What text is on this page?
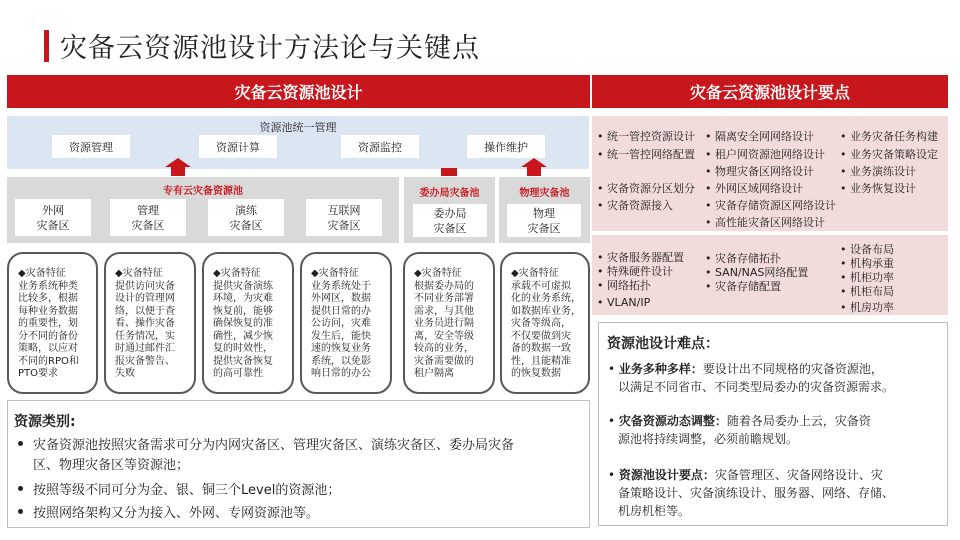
灾备云资源池设计方法论与关键点
灾备云资源池设计	灾备云资源池设计要点
资源池统一管理
资源管理	资源计算	资源监控	操作维护
专有云灾备资源池	委办局灾备池	物理灾备池
外网
灾备区
管理
灾备区
演练
灾备区
互联网
灾备区
委办局
灾备区
物理
灾备区
◆灾备特征
业务系统种类
比较多，根据
每种业务数据
的重要性，划
分不同的备份
策略，以应对
不同的RPO和
PTO要求
◆灾备特征
提供访问灾备
设计的管理网
络，以便于查
看、操作灾备
任务情况，实
时通过邮件汇
报灾备警告、
失败
◆灾备特征
提供灾备演练
环境，为灾难
恢复前，能够
确保恢复的准
确性，减少恢
复的时效性，
提供灾备恢复
的高可靠性
◆灾备特征
业务系统处于
外网区，数据
提供日常的办
公访问，灾难
发生后，能快
速的恢复业务
系统，以免影
响日常的办公
◆灾备特征
根据委办局的
不同业务部署
需求，与其他
业务员进行隔
离，安全等级
较高的业务，
灾备需要做的
租户隔离
◆灾备特征
承载不可虚拟
化的业务系统，
如数据库业务，
灾备等级高，
不仅要做到灾
备的数据一致
性，且能精准
的恢复数据
资源类别:
灾备资源池按照灾备需求可分为内网灾备区、管理灾备区、演练灾备区、委办局灾备
区、物理灾备区等资源池；
按照等级不同可分为金、银、铜三个Level的资源池；
按照网络架构又分为接入、外网、专网资源池等。
• 统一管控资源设计
• 统一管控网络配置
• 灾备资源分区划分
• 灾备资源接入
• 隔离安全网网络设计
• 租户网资源池网络设计
• 物理灾备区网络设计
• 外网区域网络设计
• 灾备存储资源区网络设计
• 高性能灾备区网络设计
• 业务灾备任务构建
• 业务灾备策略设定
• 业务演练设计
• 业务恢复设计
• 灾备服务器配置
• 特殊硬件设计
• 网络拓扑
• VLAN/IP
• 灾备存储拓扑
• SAN/NAS网络配置
• 灾备存储配置
• 设备布局
• 机构承重
• 机柜功率
• 机柜布局
• 机房功率
资源池设计难点：
• 业务多种多样：要设计出不同规格的灾备资源池，
以满足不同省市、不同类型局委办的灾备资源需求。
• 灾备资源动态调整：随着各局委办上云，灾备资
源池将持续调整，必须前瞻规划。
• 资源池设计要点：灾备管理区、灾备网络设计、灾
备策略设计、灾备演练设计、服务器、网络、存储、
机房机柜等。
